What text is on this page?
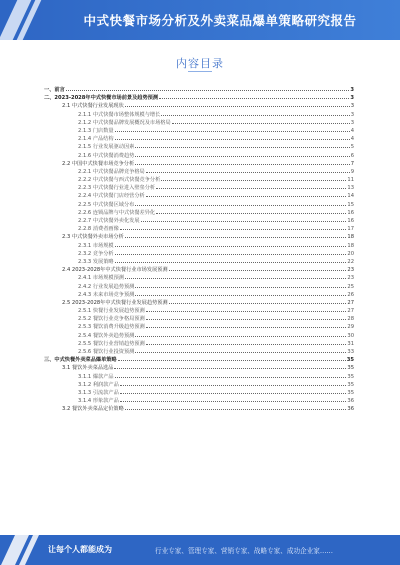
中式快餐市场分析及外卖菜品爆单策略研究报告
内容目录
一、前言	3
二、2023-2028年中式快餐市场前景及趋势预测	3
2.1 中式快餐行业发展现状	3
2.1.1 中式快餐市场整体规模与增长	3
2.1.2 中式快餐品牌发展概况及市场格局	3
2.1.3 门店数量	4
2.1.4 产品结构	4
2.1.5 行业发展驱动因素	5
2.1.6 中式快餐消费趋势	6
2.2 中国中式快餐市场竞争分析	7
2.2.1 中式快餐品牌竞争格局	9
2.2.2 中式快餐与西式快餐竞争分析	11
2.2.3 中式快餐行业进入壁垒分析	13
2.2.4 中式快餐门店经营分析	14
2.2.5 中式快餐区域分布	15
2.2.6 连锁品牌与中式快餐差异化	16
2.2.7 中式快餐外卖化发展	16
2.2.8 消费者画像	17
2.3 中式快餐外卖市场分析	18
2.3.1 市场规模	18
2.3.2 竞争分析	20
2.3.3 发展策略	22
2.4 2023-2028年中式快餐行业市场发展预测	23
2.4.1 市场规模预测	23
2.4.2 行业发展趋势预测	25
2.4.3 未来市场竞争预测	26
2.5 2023-2028年中式快餐行业发展趋势预测	27
2.5.1 快餐行业发展趋势预测	27
2.5.2 餐饮行业竞争格局预测	28
2.5.3 餐饮消费升级趋势预测	29
2.5.4 餐饮外卖趋势预测	30
2.5.5 餐饮行业营销趋势预测	31
2.5.6 餐饮行业投资预测	33
三、中式快餐外卖菜品爆单策略	35
3.1 餐饮外卖菜品选品	35
3.1.1 爆款产品	35
3.1.2 利润款产品	35
3.1.3 引流款产品	35
3.1.4 形象款产品	36
3.2 餐饮外卖菜品定价策略	36
让每个人都能成为	行业专家、管理专家、营销专家、战略专家、成功企业家……
